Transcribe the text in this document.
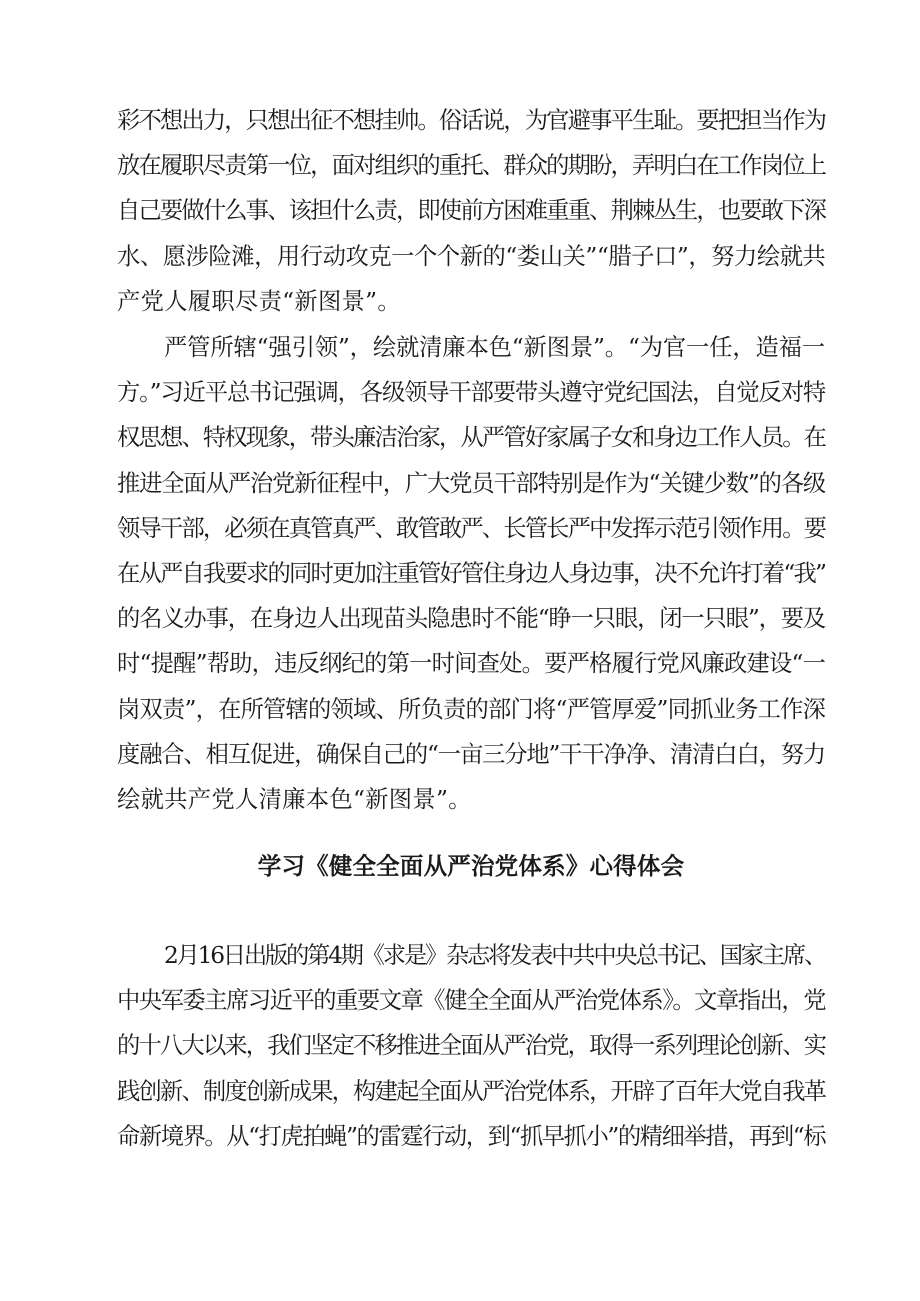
彩不想出力，只想出征不想挂帅。俗话说，为官避事平生耻。要把担当作为
放在履职尽责第一位，面对组织的重托、群众的期盼，弄明白在工作岗位上
自己要做什么事、该担什么责，即使前方困难重重、荆棘丛生，也要敢下深
水、愿涉险滩，用行动攻克一个个新的“娄山关”“腊子口”，努力绘就共
产党人履职尽责“新图景”。

严管所辖“强引领”，绘就清廉本色“新图景”。“为官一任，造福一
方。”习近平总书记强调，各级领导干部要带头遵守党纪国法，自觉反对特
权思想、特权现象，带头廉洁治家，从严管好家属子女和身边工作人员。在
推进全面从严治党新征程中，广大党员干部特别是作为“关键少数”的各级
领导干部，必须在真管真严、敢管敢严、长管长严中发挥示范引领作用。要
在从严自我要求的同时更加注重管好管住身边人身边事，决不允许打着“我”
的名义办事，在身边人出现苗头隐患时不能“睁一只眼，闭一只眼”，要及
时“提醒”帮助，违反纲纪的第一时间查处。要严格履行党风廉政建设“一
岗双责”，在所管辖的领域、所负责的部门将“严管厚爱”同抓业务工作深
度融合、相互促进，确保自己的“一亩三分地”干干净净、清清白白，努力
绘就共产党人清廉本色“新图景”。

学习《健全全面从严治党体系》心得体会

2月16日出版的第4期《求是》杂志将发表中共中央总书记、国家主席、
中央军委主席习近平的重要文章《健全全面从严治党体系》。文章指出，党
的十八大以来，我们坚定不移推进全面从严治党，取得一系列理论创新、实
践创新、制度创新成果，构建起全面从严治党体系，开辟了百年大党自我革
命新境界。从“打虎拍蝇”的雷霆行动，到“抓早抓小”的精细举措，再到“标
